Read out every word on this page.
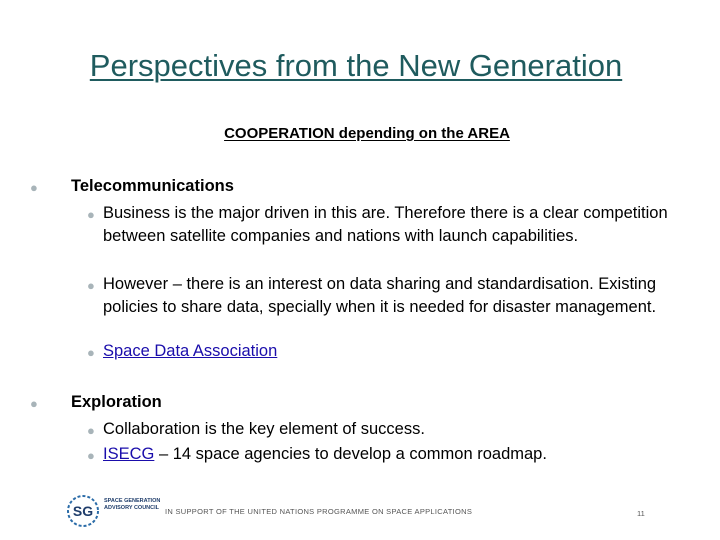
Perspectives from the New Generation
COOPERATION depending on the AREA
● Telecommunications
● Business is the major driven in this are. Therefore there is a clear competition between satellite companies and nations with launch capabilities.
● However – there is an interest on data sharing and standardisation. Existing policies to share data, specially when it is needed for disaster management.
● Space Data Association
● Exploration
● Collaboration is the key element of success.
● ISECG – 14 space agencies to develop a common roadmap.
SG
SPACE GENERATION
ADVISORY COUNCIL IN SUPPORT OF THE UNITED NATIONS PROGRAMME ON SPACE APPLICATIONS	11
